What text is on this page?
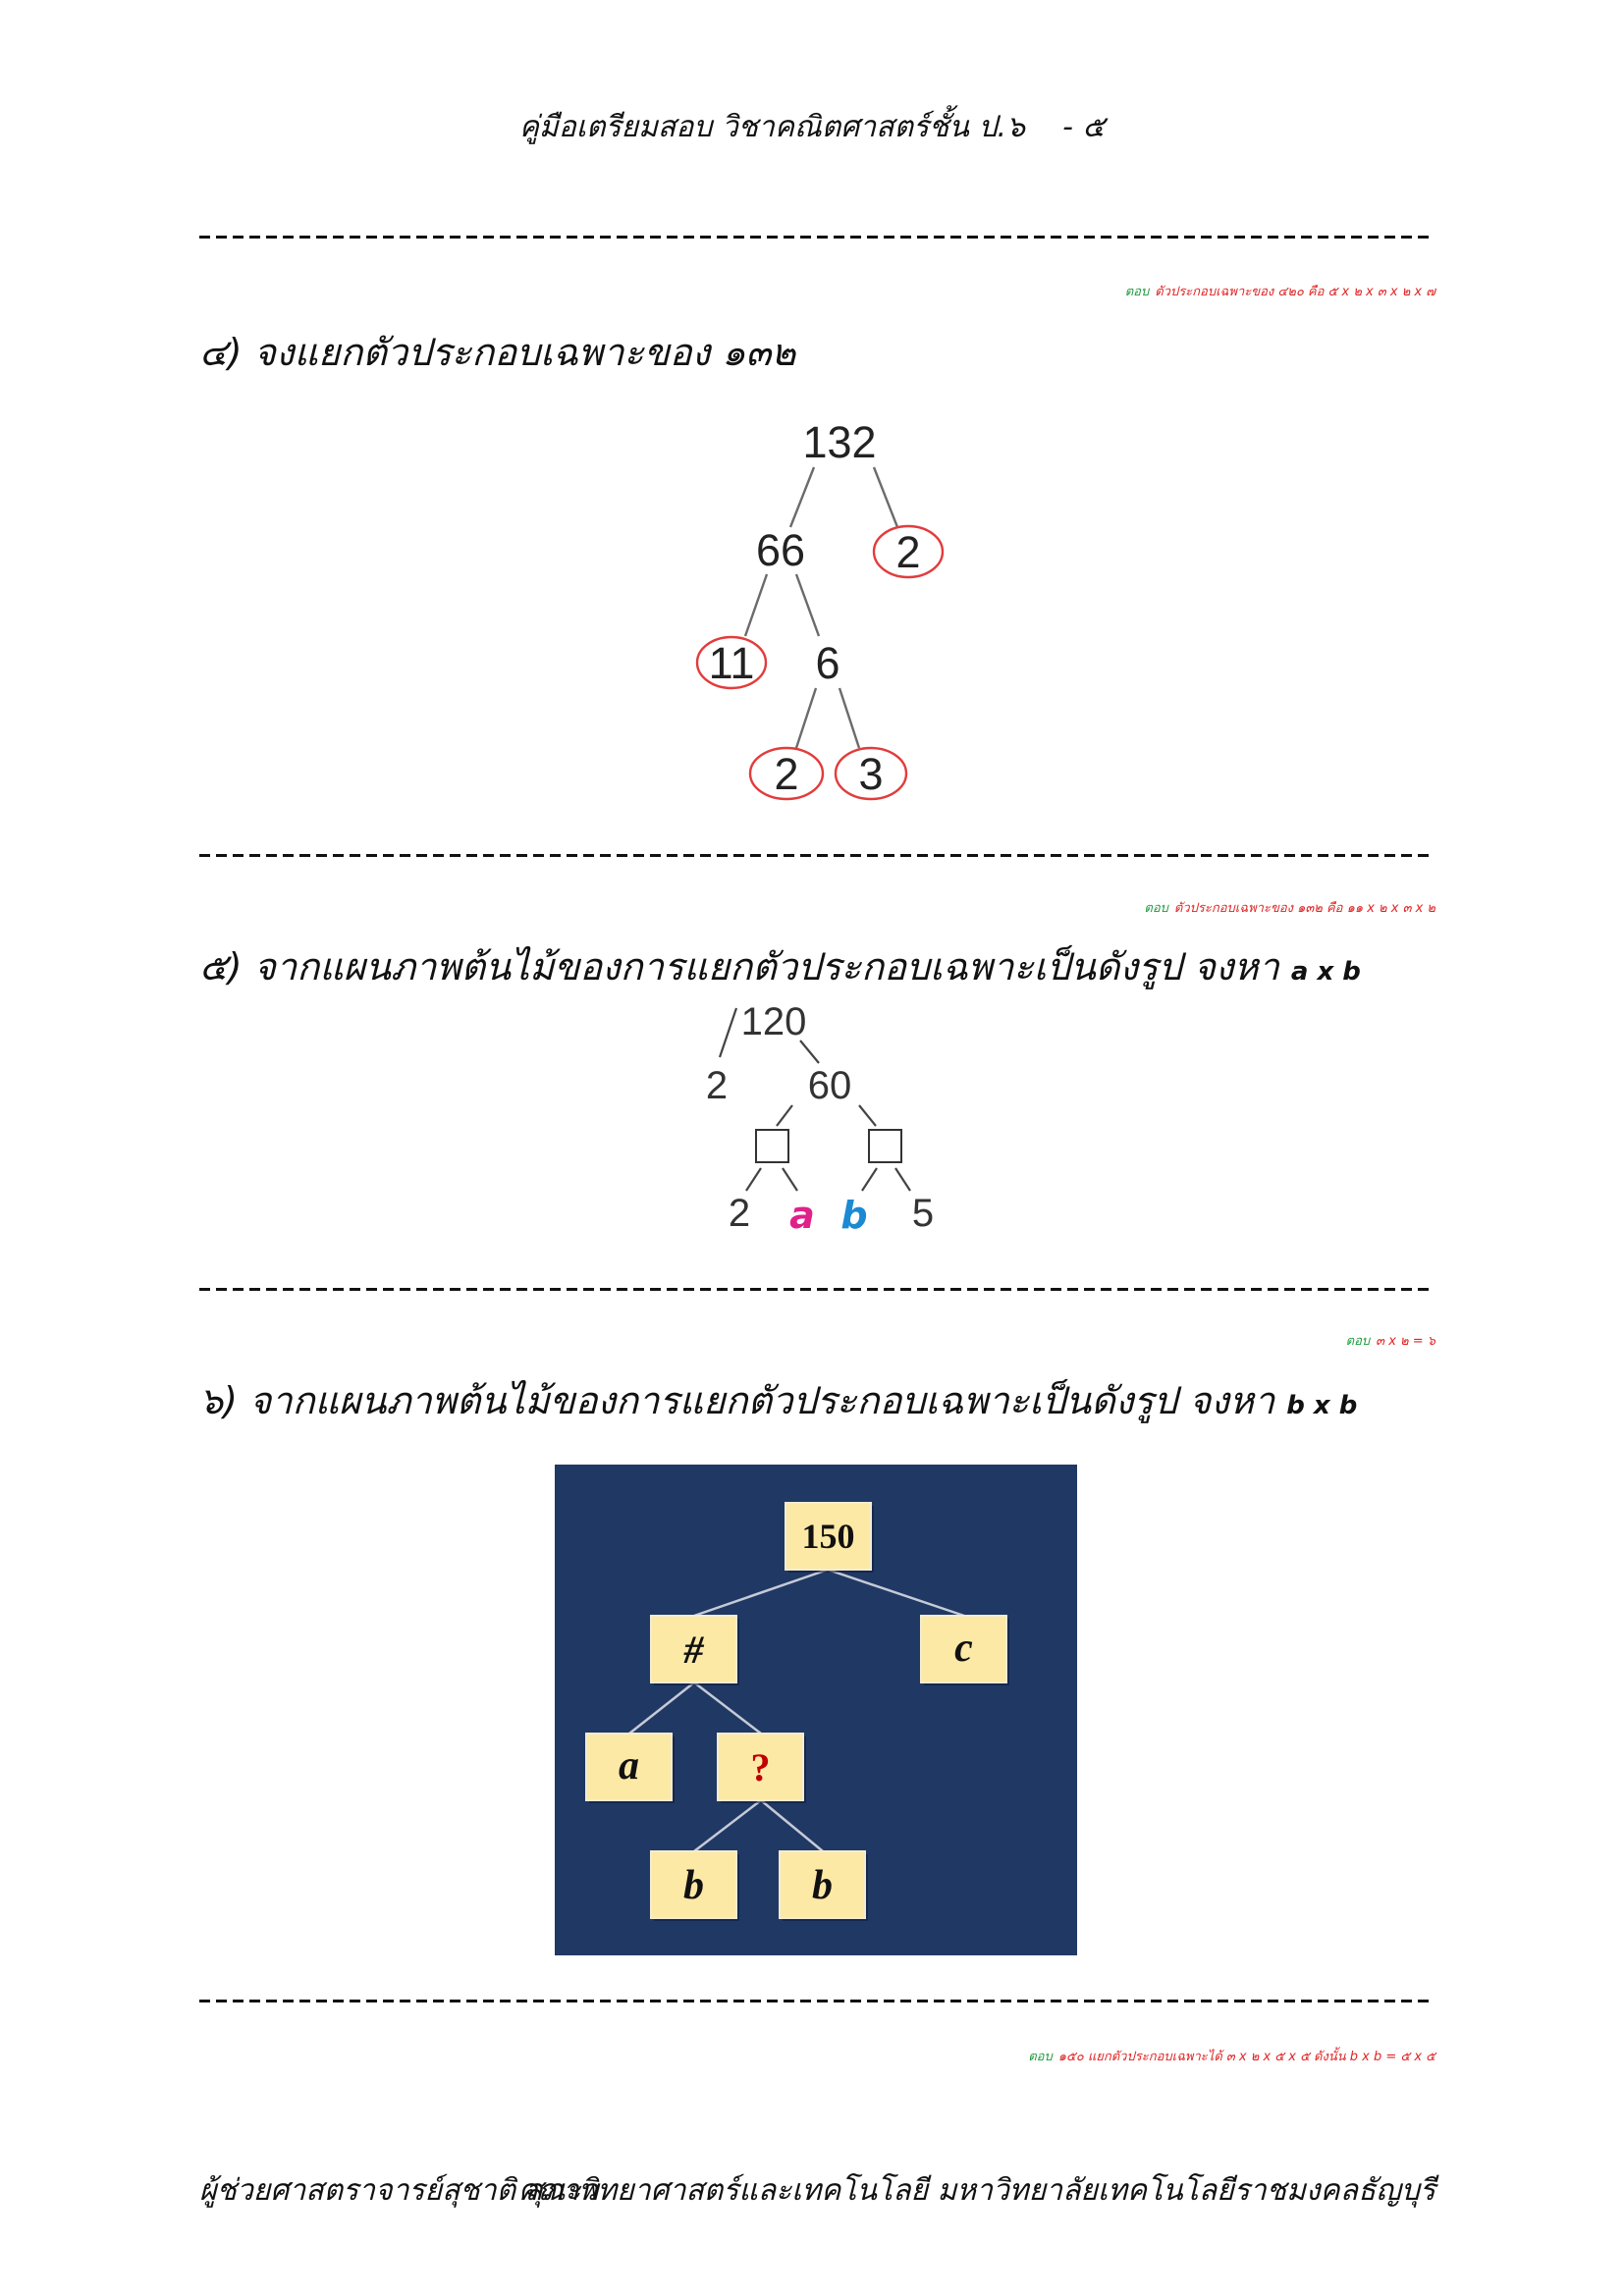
คู่มือเตรียมสอบ วิชาคณิตศาสตร์ชั้น ป.๖ - ๕
ตอบ ตัวประกอบเฉพาะของ ๔๒๐ คือ ๕ x ๒ x ๓ x ๒ x ๗
๔) จงแยกตัวประกอบเฉพาะของ ๑๓๒
132
66 2
11 6
2 3
ตอบ ตัวประกอบเฉพาะของ ๑๓๒ คือ ๑๑ x ๒ x ๓ x ๒
๕) จากแผนภาพต้นไม้ของการแยกตัวประกอบเฉพาะเป็นดังรูป จงหา a x b
120
2 60
2 a b 5
ตอบ ๓ x ๒ = ๖
๖) จากแผนภาพต้นไม้ของการแยกตัวประกอบเฉพาะเป็นดังรูป จงหา b x b
150
#	c
a	?
b	b
ตอบ ๑๕๐ แยกตัวประกอบเฉพาะได้ ๓ x ๒ x ๕ x ๕ ดังนั้น b x b = ๕ x ๕
ผู้ช่วยศาสตราจารย์สุชาติ สุภาพ
คณะวิทยาศาสตร์และเทคโนโลยี มหาวิทยาลัยเทคโนโลยีราชมงคลธัญบุรี
